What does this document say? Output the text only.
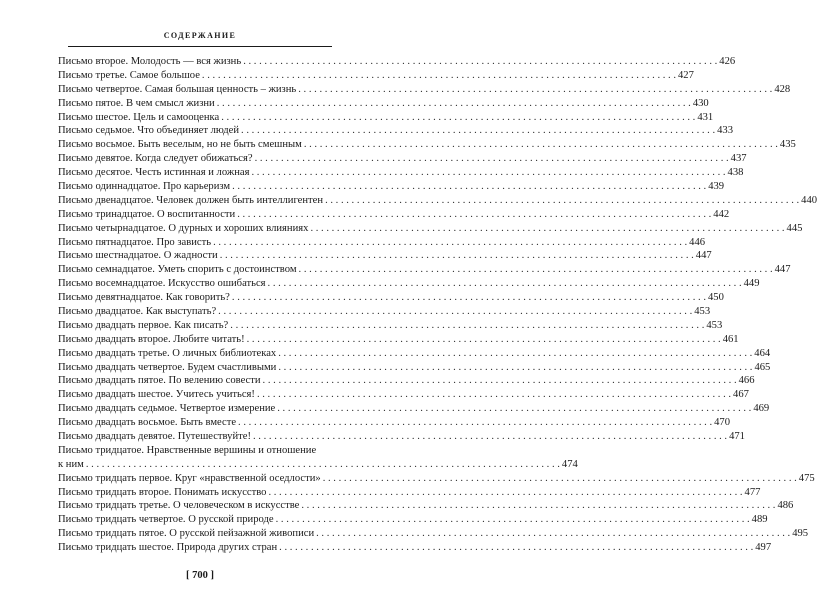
СОДЕРЖАНИЕ
Письмо второе. Молодость — вся жизнь . . .	426
Письмо третье. Самое большое . . .	427
Письмо четвертое. Самая большая ценность – жизнь . . .	428
Письмо пятое. В чем смысл жизни . . .	430
Письмо шестое. Цель и самооценка . . .	431
Письмо седьмое. Что объединяет людей . . .	433
Письмо восьмое. Быть веселым, но не быть смешным . . .	435
Письмо девятое. Когда следует обижаться? . . .	437
Письмо десятое. Честь истинная и ложная . . .	438
Письмо одиннадцатое. Про карьеризм . . .	439
Письмо двенадцатое. Человек должен быть интеллигентен . . .	440
Письмо тринадцатое. О воспитанности . . .	442
Письмо четырнадцатое. О дурных и хороших влияниях . . .	445
Письмо пятнадцатое. Про зависть . . .	446
Письмо шестнадцатое. О жадности . . .	447
Письмо семнадцатое. Уметь спорить с достоинством . . .	447
Письмо восемнадцатое. Искусство ошибаться . . .	449
Письмо девятнадцатое. Как говорить? . . .	450
Письмо двадцатое. Как выступать? . . .	453
Письмо двадцать первое. Как писать? . . .	453
Письмо двадцать второе. Любите читать! . . .	461
Письмо двадцать третье. О личных библиотеках . . .	464
Письмо двадцать четвертое. Будем счастливыми . . .	465
Письмо двадцать пятое. По велению совести . . .	466
Письмо двадцать шестое. Учитесь учиться! . . .	467
Письмо двадцать седьмое. Четвертое измерение . . .	469
Письмо двадцать восьмое. Быть вместе . . .	470
Письмо двадцать девятое. Путешествуйте! . . .	471
Письмо тридцатое. Нравственные вершины и отношение
к ним . . .	474
Письмо тридцать первое. Круг «нравственной оседлости» . . .	475
Письмо тридцать второе. Понимать искусство . . .	477
Письмо тридцать третье. О человеческом в искусстве . . .	486
Письмо тридцать четвертое. О русской природе . . .	489
Письмо тридцать пятое. О русской пейзажной живописи . . .	495
Письмо тридцать шестое. Природа других стран . . .	497
[ 700 ]
